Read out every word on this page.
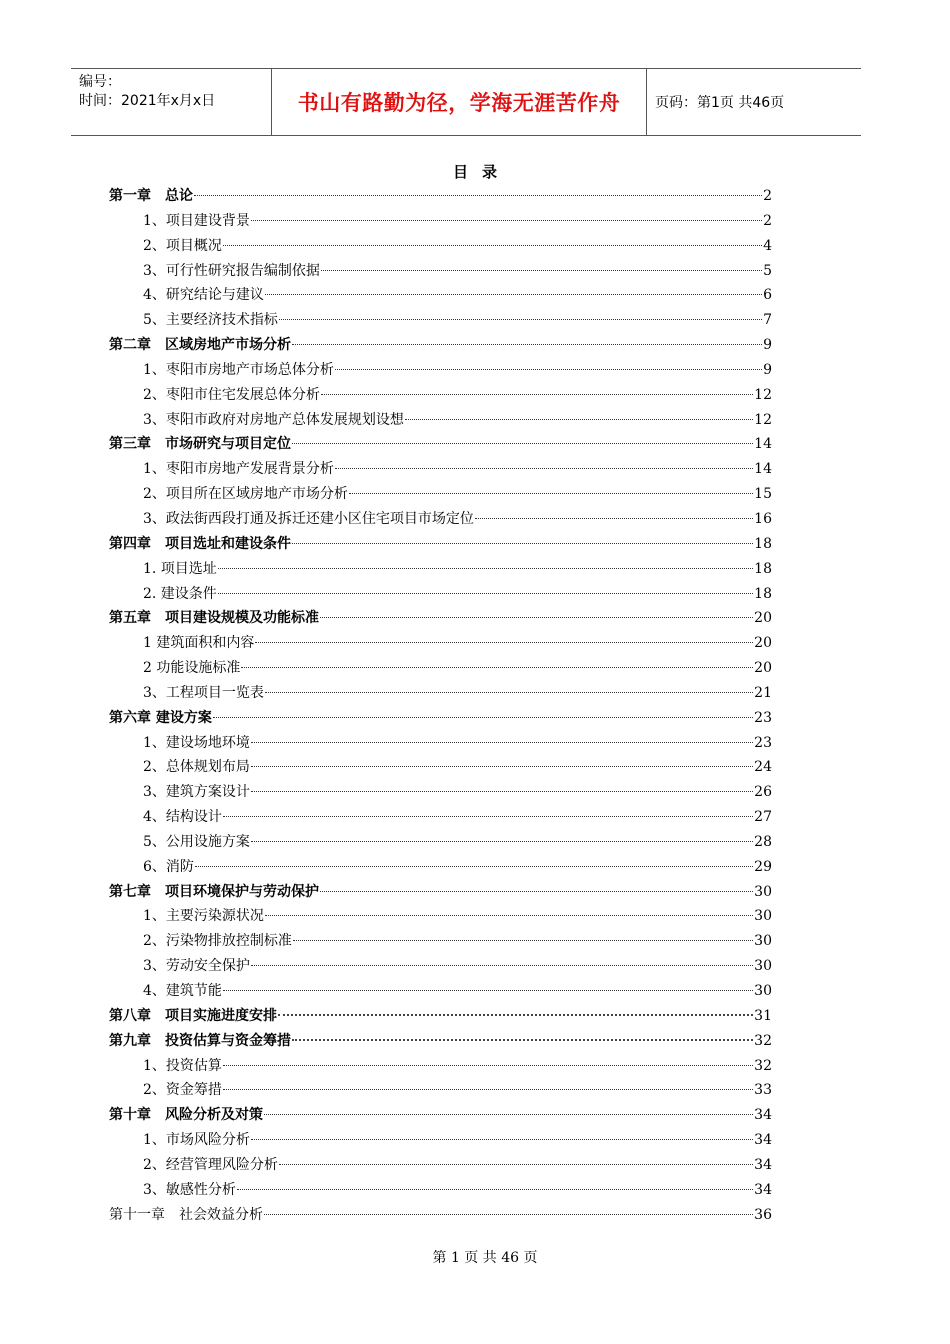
编号：
时间：2021年x月x日	书山有路勤为径，学海无涯苦作舟	页码：第1页 共46页
目录
第一章　总论	2
1、项目建设背景	2
2、项目概况	4
3、可行性研究报告编制依据	5
4、研究结论与建议	6
5、主要经济技术指标	7
第二章　区域房地产市场分析	9
1、枣阳市房地产市场总体分析	9
2、枣阳市住宅发展总体分析	12
3、枣阳市政府对房地产总体发展规划设想	12
第三章　市场研究与项目定位	14
1、枣阳市房地产发展背景分析	14
2、项目所在区域房地产市场分析	15
3、政法街西段打通及拆迁还建小区住宅项目市场定位	16
第四章　项目选址和建设条件	18
1. 项目选址	18
2. 建设条件	18
第五章　项目建设规模及功能标准	20
1 建筑面积和内容	20
2 功能设施标准	20
3、工程项目一览表	21
第六章 建设方案	23
1、建设场地环境	23
2、总体规划布局	24
3、建筑方案设计	26
4、结构设计	27
5、公用设施方案	28
6、消防	29
第七章　项目环境保护与劳动保护	30
1、主要污染源状况	30
2、污染物排放控制标准	30
3、劳动安全保护	30
4、建筑节能	30
第八章　项目实施进度安排	31
第九章　投资估算与资金筹措	32
1、投资估算	32
2、资金筹措	33
第十章　风险分析及对策	34
1、市场风险分析	34
2、经营管理风险分析	34
3、敏感性分析	34
第十一章　社会效益分析	36
第 1 页 共 46 页
